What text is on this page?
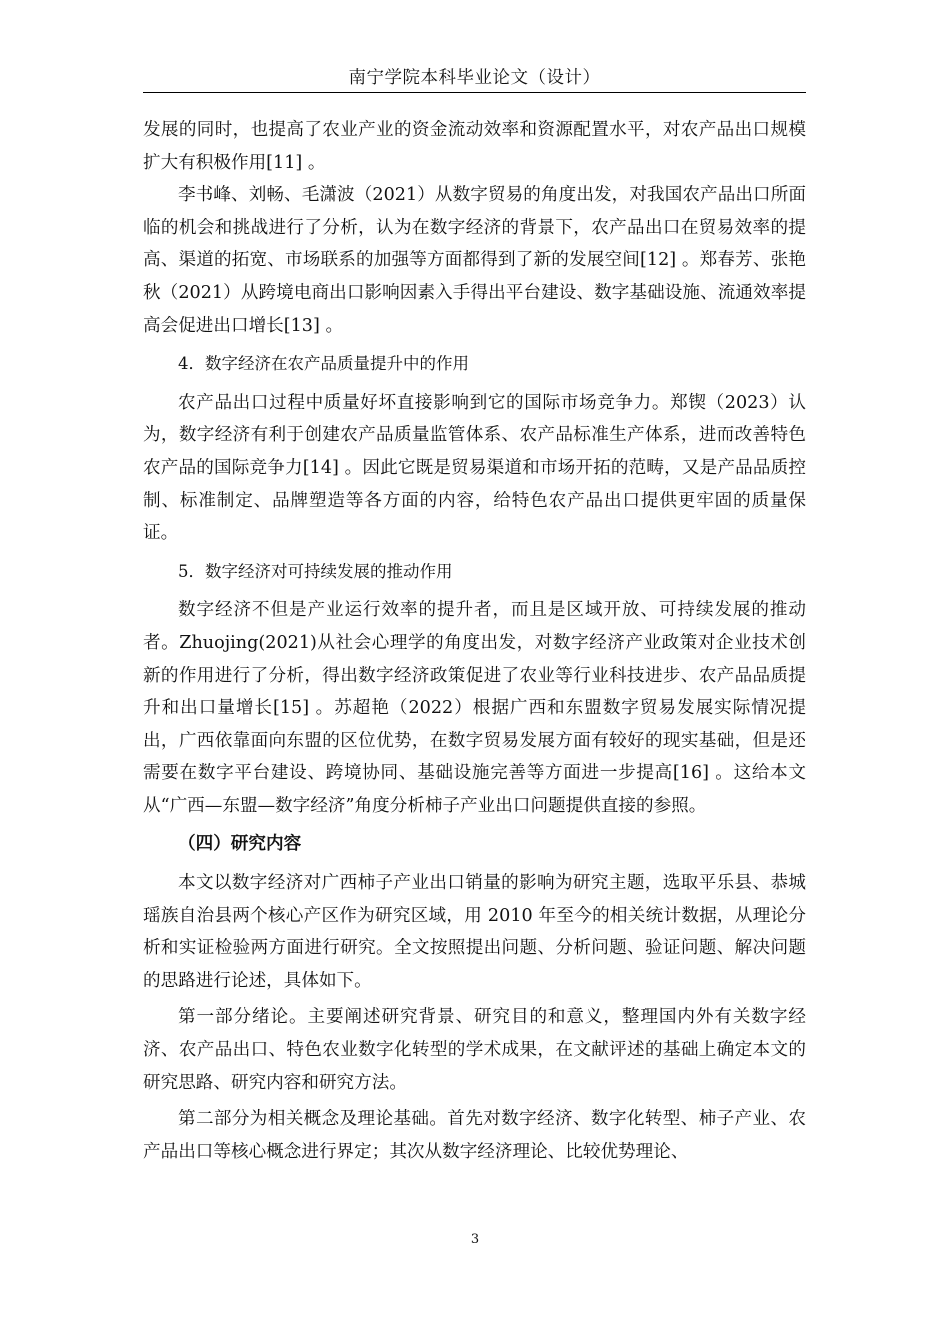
南宁学院本科毕业论文（设计）

发展的同时，也提高了农业产业的资金流动效率和资源配置水平，对农产品出口规模扩大有积极作用[11] 。

李书峰、刘畅、毛潇波（2021）从数字贸易的角度出发，对我国农产品出口所面临的机会和挑战进行了分析，认为在数字经济的背景下，农产品出口在贸易效率的提高、渠道的拓宽、市场联系的加强等方面都得到了新的发展空间[12] 。郑春芳、张艳秋（2021）从跨境电商出口影响因素入手得出平台建设、数字基础设施、流通效率提高会促进出口增长[13] 。

4．数字经济在农产品质量提升中的作用

农产品出口过程中质量好坏直接影响到它的国际市场竞争力。郑锲（2023）认为，数字经济有利于创建农产品质量监管体系、农产品标准生产体系，进而改善特色农产品的国际竞争力[14] 。因此它既是贸易渠道和市场开拓的范畴，又是产品品质控制、标准制定、品牌塑造等各方面的内容，给特色农产品出口提供更牢固的质量保证。

5．数字经济对可持续发展的推动作用

数字经济不但是产业运行效率的提升者，而且是区域开放、可持续发展的推动者。Zhuojing(2021)从社会心理学的角度出发，对数字经济产业政策对企业技术创新的作用进行了分析，得出数字经济政策促进了农业等行业科技进步、农产品品质提升和出口量增长[15] 。苏超艳（2022）根据广西和东盟数字贸易发展实际情况提出，广西依靠面向东盟的区位优势，在数字贸易发展方面有较好的现实基础，但是还需要在数字平台建设、跨境协同、基础设施完善等方面进一步提高[16] 。这给本文从“广西—东盟—数字经济”角度分析柿子产业出口问题提供直接的参照。

（四）研究内容

本文以数字经济对广西柿子产业出口销量的影响为研究主题，选取平乐县、恭城瑶族自治县两个核心产区作为研究区域，用 2010 年至今的相关统计数据，从理论分析和实证检验两方面进行研究。全文按照提出问题、分析问题、验证问题、解决问题的思路进行论述，具体如下。

第一部分绪论。主要阐述研究背景、研究目的和意义，整理国内外有关数字经济、农产品出口、特色农业数字化转型的学术成果，在文献评述的基础上确定本文的研究思路、研究内容和研究方法。

第二部分为相关概念及理论基础。首先对数字经济、数字化转型、柿子产业、农产品出口等核心概念进行界定；其次从数字经济理论、比较优势理论、

3
